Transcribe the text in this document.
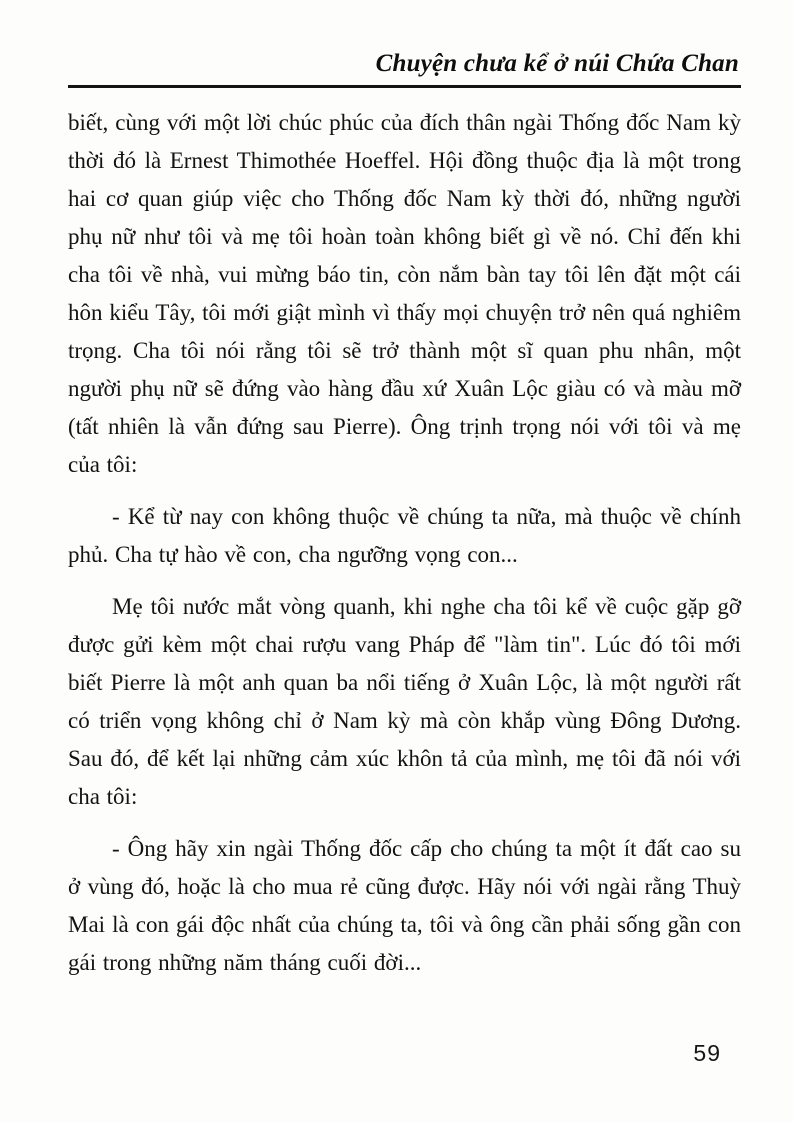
Chuyện chưa kể ở núi Chứa Chan

biết, cùng với một lời chúc phúc của đích thân ngài Thống đốc Nam kỳ thời đó là Ernest Thimothée Hoeffel. Hội đồng thuộc địa là một trong hai cơ quan giúp việc cho Thống đốc Nam kỳ thời đó, những người phụ nữ như tôi và mẹ tôi hoàn toàn không biết gì về nó. Chỉ đến khi cha tôi về nhà, vui mừng báo tin, còn nắm bàn tay tôi lên đặt một cái hôn kiểu Tây, tôi mới giật mình vì thấy mọi chuyện trở nên quá nghiêm trọng. Cha tôi nói rằng tôi sẽ trở thành một sĩ quan phu nhân, một người phụ nữ sẽ đứng vào hàng đầu xứ Xuân Lộc giàu có và màu mỡ (tất nhiên là vẫn đứng sau Pierre). Ông trịnh trọng nói với tôi và mẹ của tôi:

- Kể từ nay con không thuộc về chúng ta nữa, mà thuộc về chính phủ. Cha tự hào về con, cha ngưỡng vọng con...

Mẹ tôi nước mắt vòng quanh, khi nghe cha tôi kể về cuộc gặp gỡ được gửi kèm một chai rượu vang Pháp để "làm tin". Lúc đó tôi mới biết Pierre là một anh quan ba nổi tiếng ở Xuân Lộc, là một người rất có triển vọng không chỉ ở Nam kỳ mà còn khắp vùng Đông Dương. Sau đó, để kết lại những cảm xúc khôn tả của mình, mẹ tôi đã nói với cha tôi:

- Ông hãy xin ngài Thống đốc cấp cho chúng ta một ít đất cao su ở vùng đó, hoặc là cho mua rẻ cũng được. Hãy nói với ngài rằng Thuỳ Mai là con gái độc nhất của chúng ta, tôi và ông cần phải sống gần con gái trong những năm tháng cuối đời...

59
